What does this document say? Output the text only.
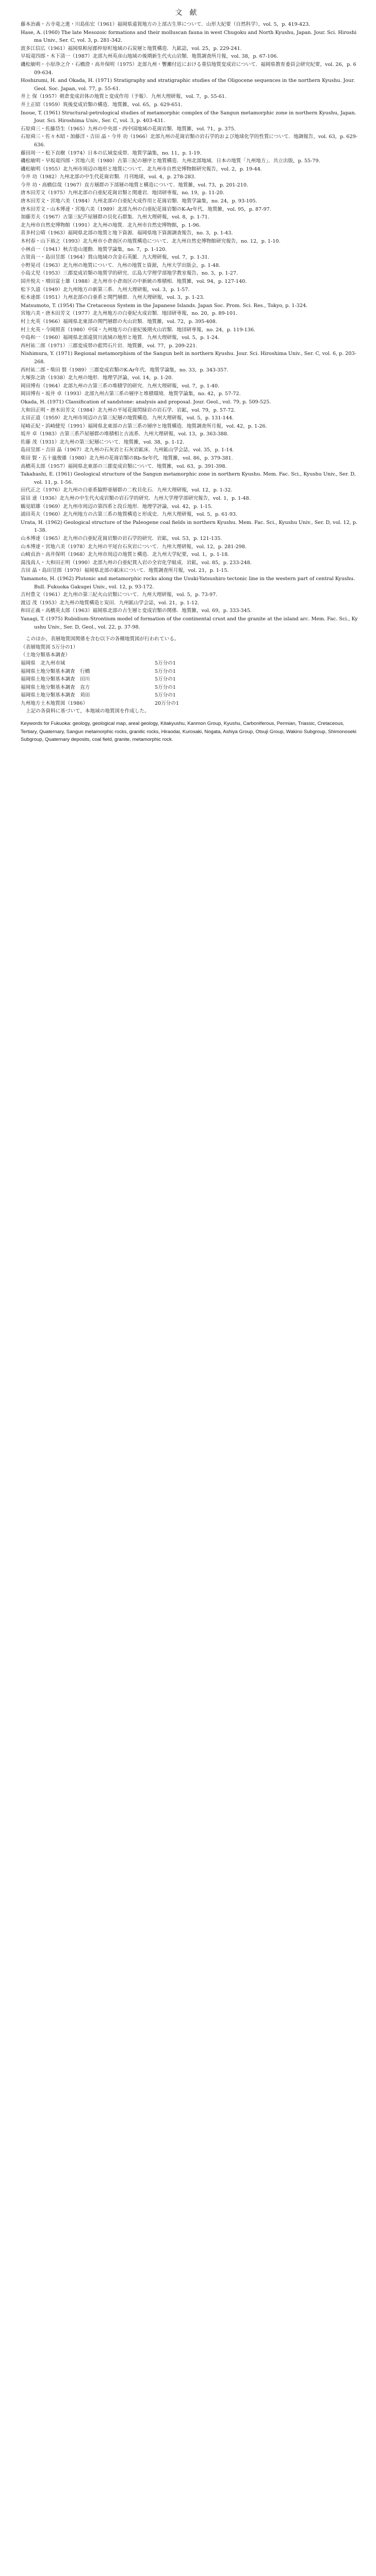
文献
藤本治義・古寺竜之進・川島佑宏（1961）福岡県遠賀地方の上部古生界について．山形大紀要（自然科学），vol. 5，p. 419-423．
Hase, A. (1960) The late Mesozoic formations and their molluscan fauna in west Chugoku and North Kyushu, Japan. Jour. Sci. Hiroshima Univ., Ser. C, vol. 3, p. 281-342.
波多江信広（1961）福岡県粕屋郡仲原町地域の石炭層と地質構造．九鉱誌，vol. 25，p. 229-241.
早坂竜四郎・木下清一（1987）北部九州英彦山地域の後期新生代火山岩類．地質調査所月報，vol. 38，p. 67-106.
磯松敏明・小原浄之介・石橋澄・高井保明（1975）北部九州・響灘付近における重信地質変成岩について．福岡県教育委員会研究紀要，vol. 26，p. 609-634.
Hoshizumi, H. and Okada, H. (1971) Stratigraphy and stratigraphic studies of the Oligocene sequences in the northern Kyushu. Jour. Geol. Soc. Japan, vol. 77, p. 55-61.
井上 保（1957）朝倉変成岩体の地質と変成作用（予報）．九州大理研報，vol. 7，p. 55-61.
井上正昭（1959）筑後変成岩類の構造．地質雑，vol. 65，p. 629-651.
Inoue, T. (1961) Structural-petrological studies of metamorphic complex of the Sangun metamorphic zone in northern Kyushu, Japan. Jour. Sci. Hiroshima Univ., Ser. C, vol. 3, p. 403-431.
石原舜三・佐藤岱生（1965）九州の中央部・西中国地域の花崗岩類．地質雑，vol. 71，p. 375.
石原舜三・佐々木昭・加藤洋・吉田 晶・今井 功（1966）北部九州の花崗岩類の岩石学的および地球化学的性質について．地調報告，vol. 63，p. 629-636.
藤田周一・松下直樹（1974）日本の広域変成帯．地質学論集，no. 11，p. 1-19.
磯松敏明・早坂竜四郎・宮地六美（1980）古第三紀の層序と地質構造．九州北部地域．日本の地質「九州地方」．共立出版，p. 55-79.
磯松敏明（1955）北九州市周辺の地形と地質について．北九州市自然史博物館研究報告，vol. 2，p. 19-44.
今井 功（1982）九州北部の中生代花崗岩類．月刊地球，vol. 4，p. 278-283.
今井 功・高橋信哉（1967）直方層群の下部層の地質と構造について．地質雑，vol. 73，p. 201-210.
唐木田芳文（1975）九州北部の白亜紀花崗岩類と関連岩．地団研専報，no. 19，p. 11-20.
唐木田芳文・宮地六美（1984）九州北部の白亜紀火成作用と花崗岩類．地質学論集，no. 24，p. 93-105.
唐木田芳文・山本博達・宮地六美（1989）北部九州の白亜紀花崗岩類のK-Ar年代．地質雑，vol. 95，p. 87-97.
加藤芳夫（1967）古第三紀芦屋層群の貝化石群集．九州大理研報，vol. 8，p. 1-71.
北九州市自然史博物館（1991）北九州の地質．北九州市自然史博物館，p. 1-96.
喜多村公晴（1963）福岡県北部の地質と地下資源．福岡県地下資源調査報告，no. 3，p. 1-43.
木村春・山下裕之（1993）北九州市小倉南区の地質構造について．北九州自然史博物館研究報告，no. 12，p. 1-10.
小林貞一（1941）秋吉造山運動．地質学論集，no. 7，p. 1-120.
古賀真一・島田昱郎（1964）貫山地域の含金石英脈．九大理研報，vol. 7，p. 1-31.
小野晃司（1963）北九州の地質について．九州の地質と資源，九州大学出版会，p. 1-48.
小島丈児（1953）三郡変成岩類の地質学的研究．広島大学理学部地学教室報告，no. 3，p. 1-27.
国井悦夫・増田富士雄（1988）北九州市小倉南区の中新統の堆積相．地質雑，vol. 94，p. 127-140.
松下久道（1949）北九州地方の新第三系．九州大理研報，vol. 3，p. 1-57.
松本達郎（1951）九州北部の白亜系と関門層群．九州大理研報，vol. 3，p. 1-23.
Matsumoto, T. (1954) The Cretaceous System in the Japanese Islands. Japan Soc. Prom. Sci. Res., Tokyo, p. 1-324.
宮地六美・唐木田芳文（1977）北九州地方の白亜紀火成岩類．地団研専報，no. 20，p. 89-101.
村上允英（1966）福岡県北東部の関門層群の火山岩類．地質雑，vol. 72，p. 395-408.
村上允英・今岡照喜（1980）中国・九州地方の白亜紀後期火山岩類．地団研専報，no. 24，p. 119-136.
中島和一（1960）福岡県北部遠賀川流域の地形と地質．九州大理研報，vol. 5，p. 1-24.
西村祐二郎（1971）三郡変成帯の藍閃石片岩．地質雑，vol. 77，p. 209-221.
Nishimura, Y. (1971) Regional metamorphism of the Sangun belt in northern Kyushu. Jour. Sci. Hiroshima Univ., Ser. C, vol. 6, p. 203-268.
西村祐二郎・柴田 賢（1989）三郡変成岩類のK-Ar年代．地質学論集，no. 33，p. 343-357.
大塚弥之助（1938）北九州の地形．地理学評論，vol. 14，p. 1-20.
岡田博有（1964）北部九州の古第三系の堆積学的研究．九州大理研報，vol. 7，p. 1-40.
岡田博有・坂井 卓（1993）北部九州古第三系の層序と堆積環境．地質学論集，no. 42，p. 57-72.
Okada, H. (1971) Classification of sandstone: analysis and proposal. Jour. Geol., vol. 79, p. 509-525.
大和田正明・唐木田芳文（1984）北九州の平尾花崗閃緑岩の岩石学．岩鉱，vol. 79，p. 57-72.
太田正道（1959）北九州市周辺の古第三紀層の地質構造．九州大理研報，vol. 5，p. 131-144.
尾崎正紀・浜崎健児（1991）福岡県北東部の古第三系の層序と地質構造．地質調査所月報，vol. 42，p. 1-26.
坂井 卓（1983）古第三系芦屋層群の堆積相と古流系．九州大理研報，vol. 13，p. 363-388.
佐藤 茂（1931）北九州の第三紀層について．地質雑，vol. 38，p. 1-12.
島田昱郎・吉田 晶（1967）北九州の石灰岩と石灰岩鉱床．九州鉱山学会誌，vol. 35，p. 1-14.
柴田 賢・五十嵐俊雄（1980）北九州の花崗岩類のRb-Sr年代．地質雑，vol. 86，p. 379-381.
高橋英太郎（1957）福岡県北東部の三郡変成岩類について．地質雑，vol. 63，p. 391-398.
Takahashi, E. (1961) Geological structure of the Sangun metamorphic zone in northern Kyushu. Mem. Fac. Sci., Kyushu Univ., Ser. D, vol. 11, p. 1-56.
田代正之（1976）北九州の白亜系脇野亜層群の二枚貝化石．九州大理研報，vol. 12，p. 1-32.
富田 達（1936）北九州の中生代火成岩類の岩石学的研究．九州大学理学部研究報告，vol. 1，p. 1-48.
鶴見昭雄（1969）北九州市周辺の第四系と段丘地形．地理学評論，vol. 42，p. 1-15.
浦田英夫（1960）北九州地方の古第三系の地質構造と形成史．九州大理研報，vol. 5，p. 61-93.
Urata, H. (1962) Geological structure of the Paleogene coal fields in northern Kyushu. Mem. Fac. Sci., Kyushu Univ., Ser. D, vol. 12, p. 1-38.
山本博達（1965）北九州の白亜紀花崗岩類の岩石学的研究．岩鉱，vol. 53，p. 121-135.
山本博達・宮地六美（1978）北九州の平尾台石灰岩について．九州大理研報，vol. 12，p. 281-298.
山崎貞治・高井保明（1968）北九州市周辺の地質と構造．北九州大学紀要，vol. 1，p. 1-18.
湯浅真人・大和田正明（1990）北部九州の白亜紀貫入岩の全岩化学組成．岩鉱，vol. 85，p. 233-248.
吉田 晶・島田昱郎（1970）福岡県北部の鉱床について．地質調査所月報，vol. 21，p. 1-15.
Yamamoto, H. (1962) Plutonic and metamorphic rocks along the Usuki-Yatsushiro tectonic line in the western part of central Kyushu. Bull. Fukuoka Gakugei Univ., vol. 12, p. 93-172.
吉村豊文（1961）北九州の第三紀火山岩類について．九州大理研報，vol. 5，p. 73-97.
渡辺 茂（1953）北九州の地質構造と炭田．九州鉱山学会誌，vol. 21，p. 1-12.
和田正義・高橋英太郎（1963）福岡県北部の古生層と変成岩類の関係．地質雑，vol. 69，p. 333-345.
Yanagi, T. (1975) Rubidium-Strontium model of formation of the continental crust and the granite at the island arc. Mem. Fac. Sci., Kyushu Univ., Ser. D, Geol., vol. 22, p. 37-98.

このほか，表層地質図関係を含む以下の各種地質図が行われている。

（表層地質図 5万分の1）

（土地分類基本調査）

福岡県　北九州市域	5万分の1
福岡県土地分類基本調査　行橋	5万分の1
福岡県土地分類基本調査　田川	5万分の1
福岡県土地分類基本調査　直方	5万分の1
福岡県土地分類基本調査　苅田	5万分の1
九州地方土木地質図（1986）	20万分の1

上記の各資料に基づいて，本地域の地質図を作成した。

Keywords for Fukuoka: geology, geological map, areal geology, Kitakyushu, Kanmon Group, Kyushu, Carboniferous, Permian, Triassic, Cretaceous, Tertiary, Quaternary, Sangun metamorphic rocks, granitic rocks, Hiraodai, Kurosaki, Nogata, Ashiya Group, Otsuji Group, Wakino Subgroup, Shimonoseki Subgroup, Quaternary deposits, coal field, granite, metamorphic rock.
